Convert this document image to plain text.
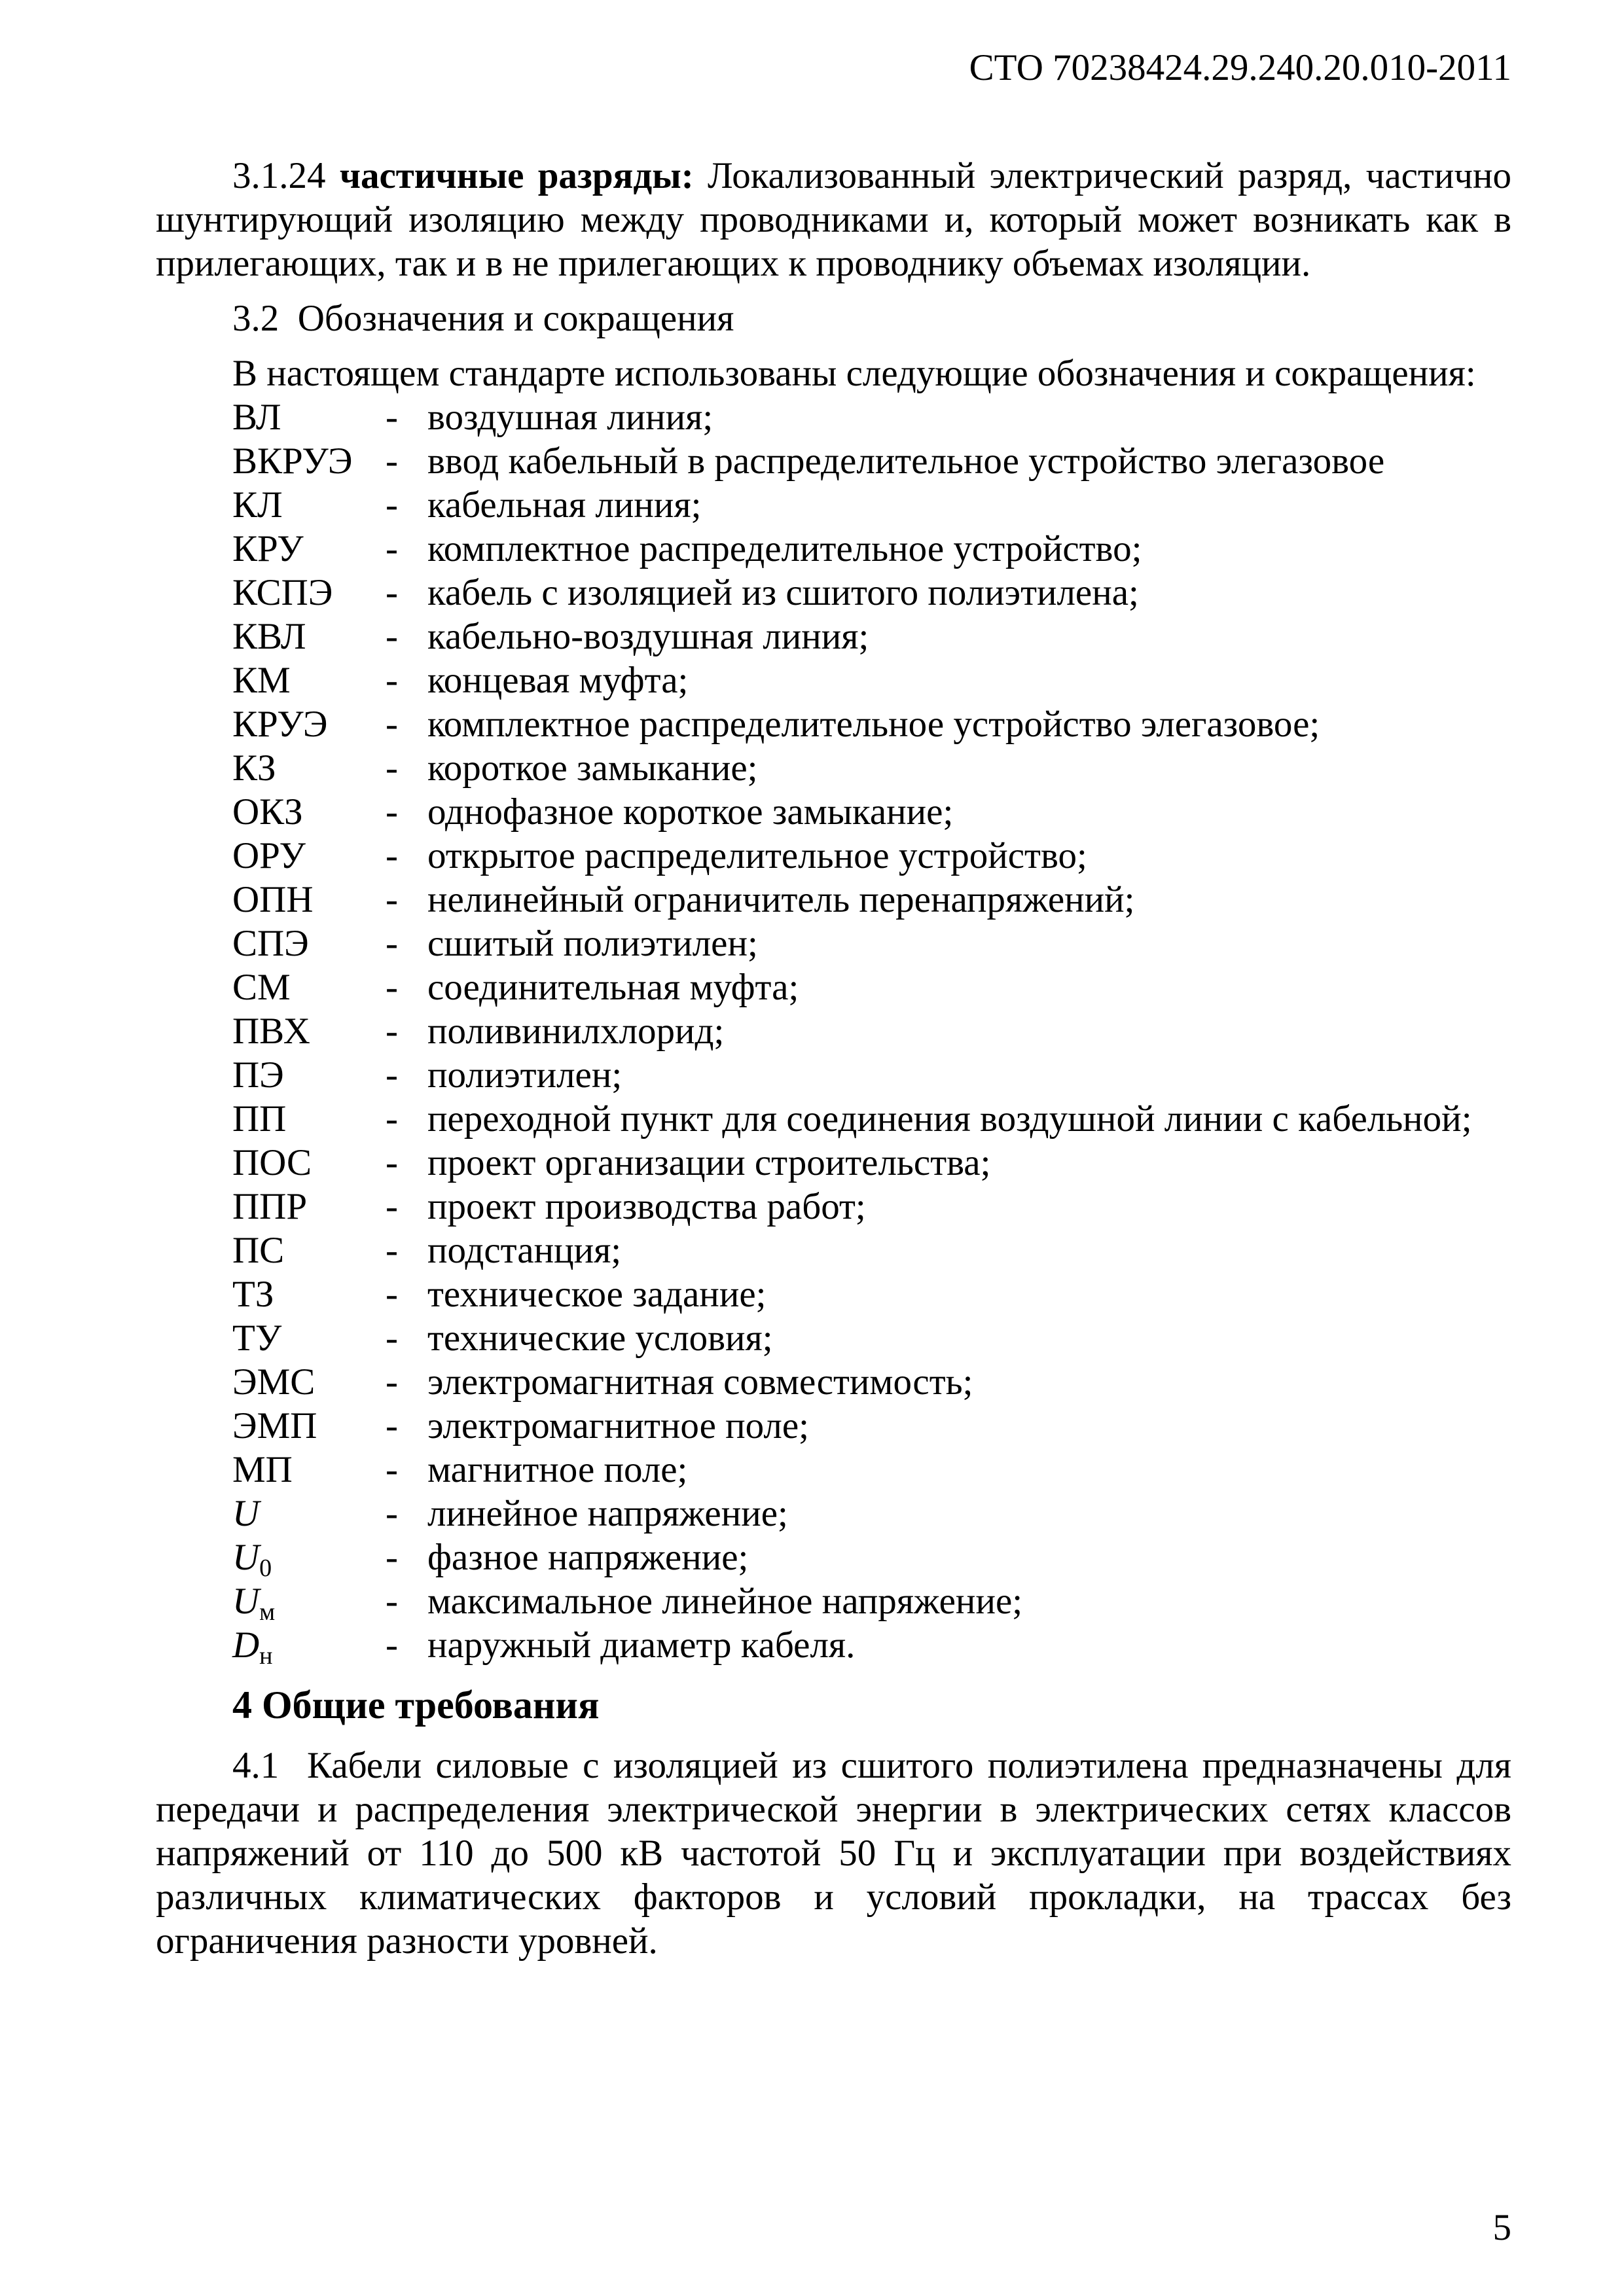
СТО 70238424.29.240.20.010-2011

3.1.24 частичные разряды: Локализованный электрический разряд, частично шунтирующий изоляцию между проводниками и, который может возникать как в прилегающих, так и в не прилегающих к проводнику объемах изоляции.

3.2 Обозначения и сокращения

В настоящем стандарте использованы следующие обозначения и сокращения:

ВЛ	- воздушная линия;
ВКРУЭ - ввод кабельный в распределительное устройство элегазовое
КЛ	- кабельная линия;
КРУ - комплектное распределительное устройство;
КСПЭ - кабель с изоляцией из сшитого полиэтилена;
КВЛ - кабельно-воздушная линия;
КМ	- концевая муфта;
КРУЭ - комплектное распределительное устройство элегазовое;
КЗ	- короткое замыкание;
ОКЗ - однофазное короткое замыкание;
ОРУ - открытое распределительное устройство;
ОПН - нелинейный ограничитель перенапряжений;
СПЭ - сшитый полиэтилен;
СМ	- соединительная муфта;
ПВХ - поливинилхлорид;
ПЭ	- полиэтилен;
ПП	- переходной пункт для соединения воздушной линии с кабельной;
ПОС - проект организации строительства;
ППР - проект производства работ;
ПС	- подстанция;
ТЗ	- техническое задание;
ТУ	- технические условия;
ЭМС - электромагнитная совместимость;
ЭМП - электромагнитное поле;
МП - магнитное поле;
U	- линейное напряжение;
$U_0$	- фазное напряжение;
$U_м$	- максимальное линейное напряжение;
$D_н$	- наружный диаметр кабеля.

4 Общие требования

4.1 Кабели силовые с изоляцией из сшитого полиэтилена предназначены для передачи и распределения электрической энергии в электрических сетях классов напряжений от 110 до 500 кВ частотой 50 Гц и эксплуатации при воздействиях различных климатических факторов и условий прокладки, на трассах без ограничения разности уровней.

5
